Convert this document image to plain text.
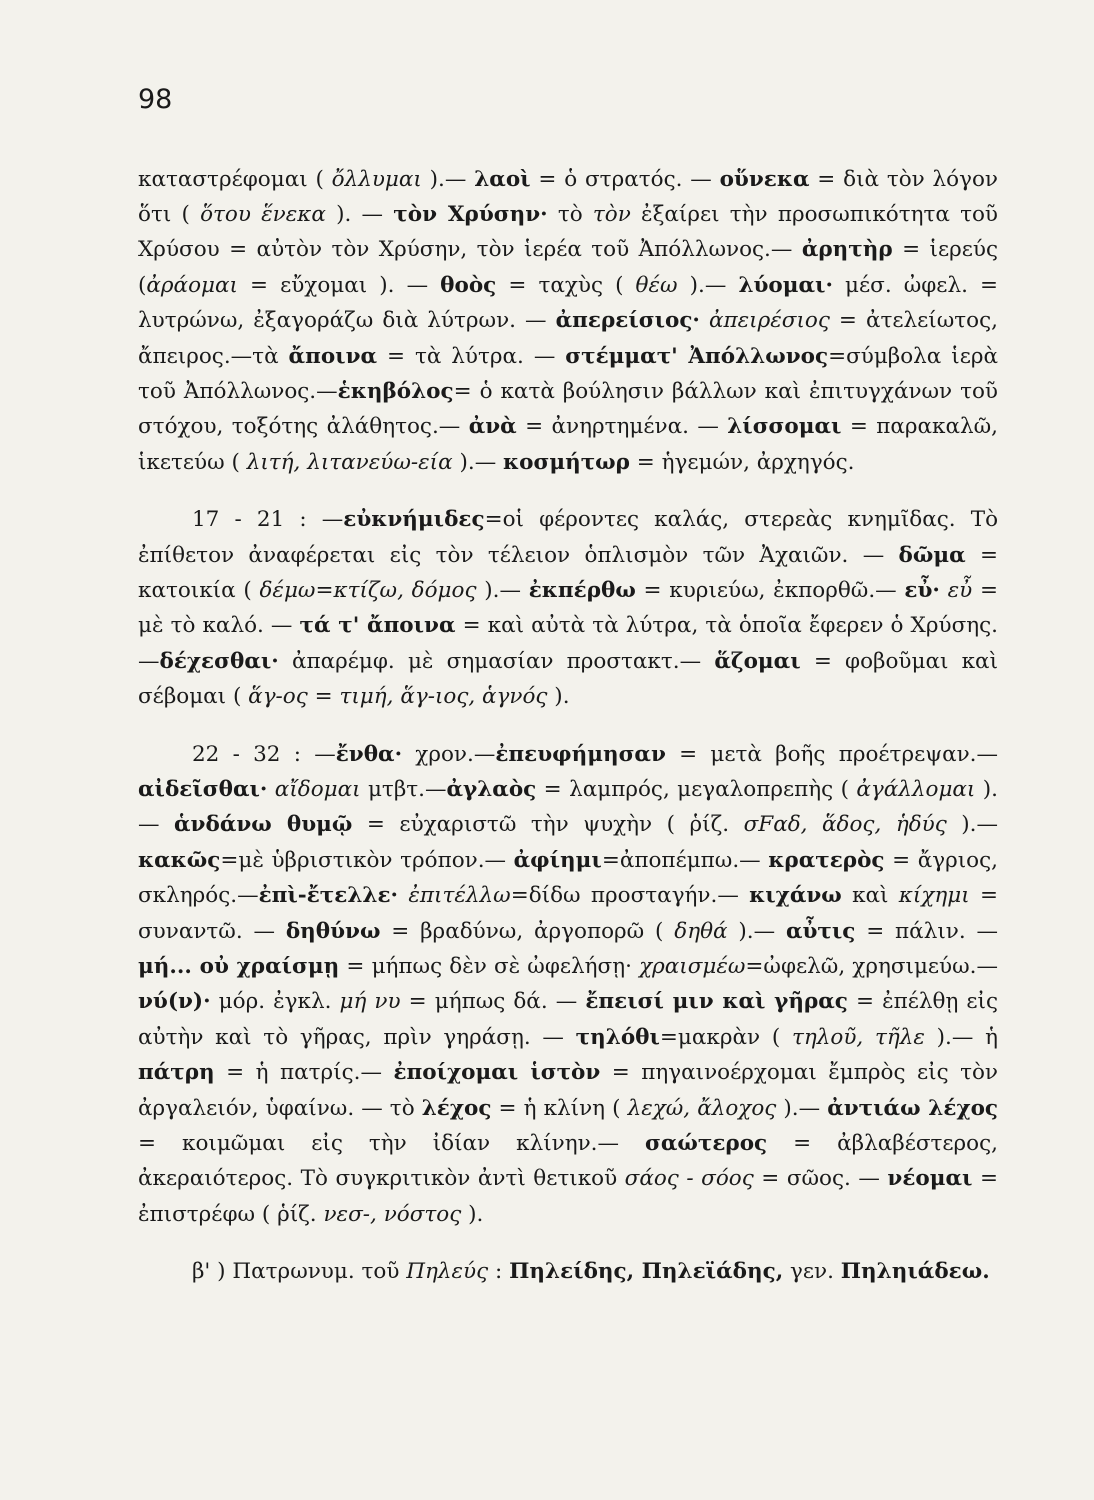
98

καταστρέφομαι ( ὄλλυμαι ).— λαοὶ = ὁ στρατός. — οὕνεκα = διὰ τὸν λόγον ὅτι ( ὅτου ἕνεκα ). — τὸν Χρύσην· τὸ τὸν ἐξαίρει τὴν προσωπικότητα τοῦ Χρύσου = αὐτὸν τὸν Χρύσην, τὸν ἱερέα τοῦ Ἀπόλλωνος.— ἀρητὴρ = ἱερεύς (ἀράομαι = εὔχομαι ). — θοὸς = ταχὺς ( θέω ).— λύομαι· μέσ. ὠφελ. = λυτρώνω, ἐξαγοράζω διὰ λύτρων. — ἀπερείσιος· ἀπειρέσιος = ἀτελείωτος, ἄπειρος.—τὰ ἄποινα = τὰ λύτρα. — στέμματ' Ἀπόλλωνος=σύμβολα ἱερὰ τοῦ Ἀπόλλωνος.—ἑκηβόλος= ὁ κατὰ βούλησιν βάλλων καὶ ἐπιτυγχάνων τοῦ στόχου, τοξότης ἀλάθητος.— ἀνὰ = ἀνηρτημένα. — λίσσομαι = παρακαλῶ, ἱκετεύω ( λιτή, λιτανεύω-εία ).— κοσμήτωρ = ἡγεμών, ἀρχηγός.

17 - 21 : —εὐκνήμιδες=οἱ φέροντες καλάς, στερεὰς κνημῖδας. Τὸ ἐπίθετον ἀναφέρεται εἰς τὸν τέλειον ὁπλισμὸν τῶν Ἀχαιῶν. — δῶμα = κατοικία ( δέμω=κτίζω, δόμος ).— ἐκπέρθω = κυριεύω, ἐκπορθῶ.— εὖ· εὖ = μὲ τὸ καλό. — τά τ' ἄποινα = καὶ αὐτὰ τὰ λύτρα, τὰ ὁποῖα ἔφερεν ὁ Χρύσης.—δέχεσθαι· ἀπαρέμφ. μὲ σημασίαν προστακτ.— ἅζομαι = φοβοῦμαι καὶ σέβομαι ( ἅγ-ος = τιμή, ἅγ-ιος, ἁγνός ).

22 - 32 : —ἔνθα· χρον.—ἐπευφήμησαν = μετὰ βοῆς προέτρεψαν.— αἰδεῖσθαι· αἴδομαι μτβτ.—ἀγλαὸς = λαμπρός, μεγαλοπρεπὴς ( ἀγάλλομαι ).— ἁνδάνω θυμῷ = εὐχαριστῶ τὴν ψυχὴν ( ῥίζ. σFαδ, ἅδος, ἡδύς ).— κακῶς=μὲ ὑβριστικὸν τρόπον.— ἀφίημι=ἀποπέμπω.— κρατερὸς = ἄγριος, σκληρός.—ἐπὶ-ἔτελλε· ἐπιτέλλω=δίδω προσταγήν.— κιχάνω καὶ κίχημι = συναντῶ. — δηθύνω = βραδύνω, ἀργοπορῶ ( δηθά ).— αὖτις = πάλιν. — μή... οὐ χραίσμῃ = μήπως δὲν σὲ ὠφελήσῃ· χραισμέω=ὠφελῶ, χρησιμεύω.—νύ(ν)· μόρ. ἐγκλ. μή νυ = μήπως δά. — ἔπεισί μιν καὶ γῆρας = ἐπέλθῃ εἰς αὐτὴν καὶ τὸ γῆρας, πρὶν γηράσῃ. — τηλόθι=μακρὰν ( τηλοῦ, τῆλε ).— ἡ πάτρη = ἡ πατρίς.— ἐποίχομαι ἱστὸν = πηγαινοέρχομαι ἔμπρὸς εἰς τὸν ἀργαλειόν, ὑφαίνω. — τὸ λέχος = ἡ κλίνη ( λεχώ, ἄλοχος ).— ἀντιάω λέχος = κοιμῶμαι εἰς τὴν ἰδίαν κλίνην.— σαώτερος = ἀβλαβέστερος, ἀκεραιότερος. Τὸ συγκριτικὸν ἀντὶ θετικοῦ σάος - σόος = σῶος. — νέομαι = ἐπιστρέφω ( ῥίζ. νεσ-, νόστος ).

β' ) Πατρωνυμ. τοῦ Πηλεύς : Πηλείδης, Πηλεϊάδης, γεν. Πηληιάδεω.
